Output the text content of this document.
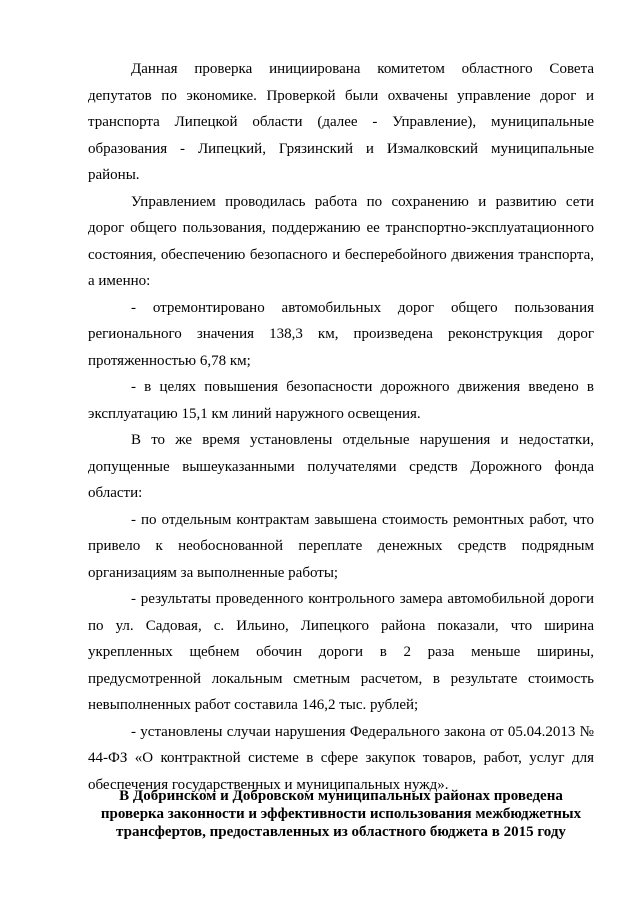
Данная проверка инициирована комитетом областного Совета депутатов по экономике. Проверкой были охвачены управление дорог и транспорта Липецкой области (далее - Управление), муниципальные образования - Липецкий, Грязинский и Измалковский муниципальные районы.

Управлением проводилась работа по сохранению и развитию сети дорог общего пользования, поддержанию ее транспортно-эксплуатационного состояния, обеспечению безопасного и бесперебойного движения транспорта, а именно:

- отремонтировано автомобильных дорог общего пользования регионального значения 138,3 км, произведена реконструкция дорог протяженностью 6,78 км;

- в целях повышения безопасности дорожного движения введено в эксплуатацию 15,1 км линий наружного освещения.

В то же время установлены отдельные нарушения и недостатки, допущенные вышеуказанными получателями средств Дорожного фонда области:

- по отдельным контрактам завышена стоимость ремонтных работ, что привело к необоснованной переплате денежных средств подрядным организациям за выполненные работы;

- результаты проведенного контрольного замера автомобильной дороги по ул. Садовая, с. Ильино, Липецкого района показали, что ширина укрепленных щебнем обочин дороги в 2 раза меньше ширины, предусмотренной локальным сметным расчетом, в результате стоимость невыполненных работ составила 146,2 тыс. рублей;

- установлены случаи нарушения Федерального закона от 05.04.2013 № 44-ФЗ «О контрактной системе в сфере закупок товаров, работ, услуг для обеспечения государственных и муниципальных нужд».

В Добринском и Добровском муниципальных районах проведена проверка законности и эффективности использования межбюджетных трансфертов, предоставленных из областного бюджета в 2015 году
